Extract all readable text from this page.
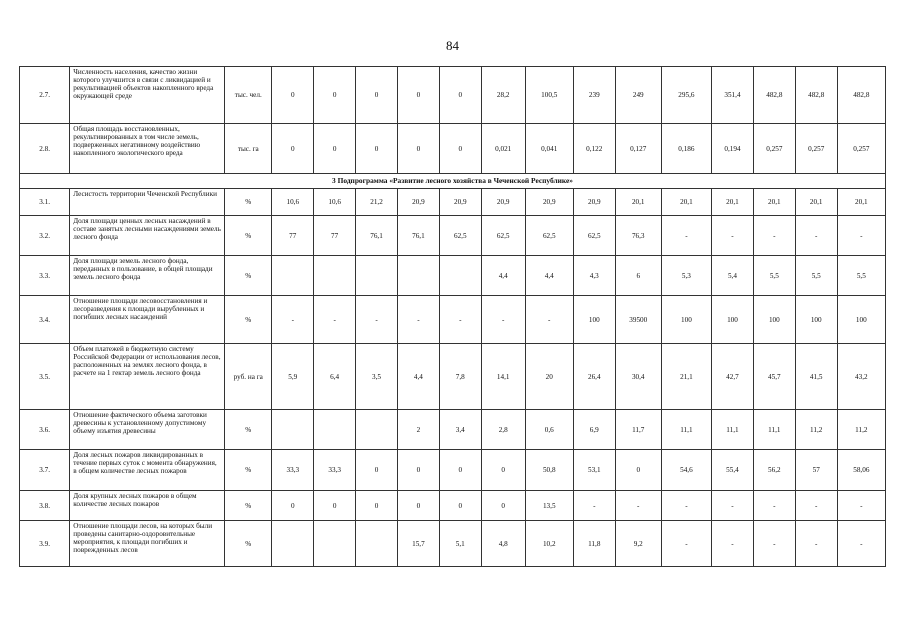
84
2.7.	Численность населения, качество жизни которого улучшится в связи с ликвидацией и рекультивацией объектов накопленного вреда окружающей среде	тыс. чел.	0	0	0	0	0	28,2	100,5	239	249	295,6	351,4	482,8	482,8	482,8
2.8.	Общая площадь восстановленных, рекультивированных в том числе земель, подверженных негативному воздействию накопленного экологического вреда	тыс. га	0	0	0	0	0	0,021	0,041	0,122	0,127	0,186	0,194	0,257	0,257	0,257
3 Подпрограмма «Развитие лесного хозяйства в Чеченской Республике»																
3.1.	Лесистость территории Чеченской Республики	%	10,6	10,6	21,2	20,9	20,9	20,9	20,9	20,9	20,1	20,1	20,1	20,1	20,1	20,1
3.2.	Доля площади ценных лесных насаждений в составе занятых лесными насаждениями земель лесного фонда	%	77	77	76,1	76,1	62,5	62,5	62,5	62,5	76,3	-	-	-	-	-
3.3.	Доля площади земель лесного фонда, переданных в пользование, в общей площади земель лесного фонда	%						4,4	4,4	4,3	6	5,3	5,4	5,5	5,5	5,5
3.4.	Отношение площади лесовосстановления и лесоразведения к площади вырубленных и погибших лесных насаждений	%	-	-	-	-	-	-	-	100	39500	100	100	100	100	100
3.5.	Объем платежей в бюджетную систему Российской Федерации от использования лесов, расположенных на землях лесного фонда, в расчете на 1 гектар земель лесного фонда	руб. на га	5,9	6,4	3,5	4,4	7,8	14,1	20	26,4	30,4	21,1	42,7	45,7	41,5	43,2
3.6.	Отношение фактического объема заготовки древесины к установленному допустимому объему изъятия древесины	%				2	3,4	2,8	0,6	6,9	11,7	11,1	11,1	11,1	11,2	11,2
3.7.	Доля лесных пожаров ликвидированных в течение первых суток с момента обнаружения, в общем количестве лесных пожаров	%	33,3	33,3	0	0	0	0	50,8	53,1	0	54,6	55,4	56,2	57	58,06
3.8.	Доля крупных лесных пожаров в общем количестве лесных пожаров	%	0	0	0	0	0	0	13,5	-	-	-	-	-	-	-
3.9.	Отношение площади лесов, на которых были проведены санитарно-оздоровительные мероприятия, к площади погибших и поврежденных лесов	%				15,7	5,1	4,8	10,2	11,8	9,2	-	-	-	-	-
